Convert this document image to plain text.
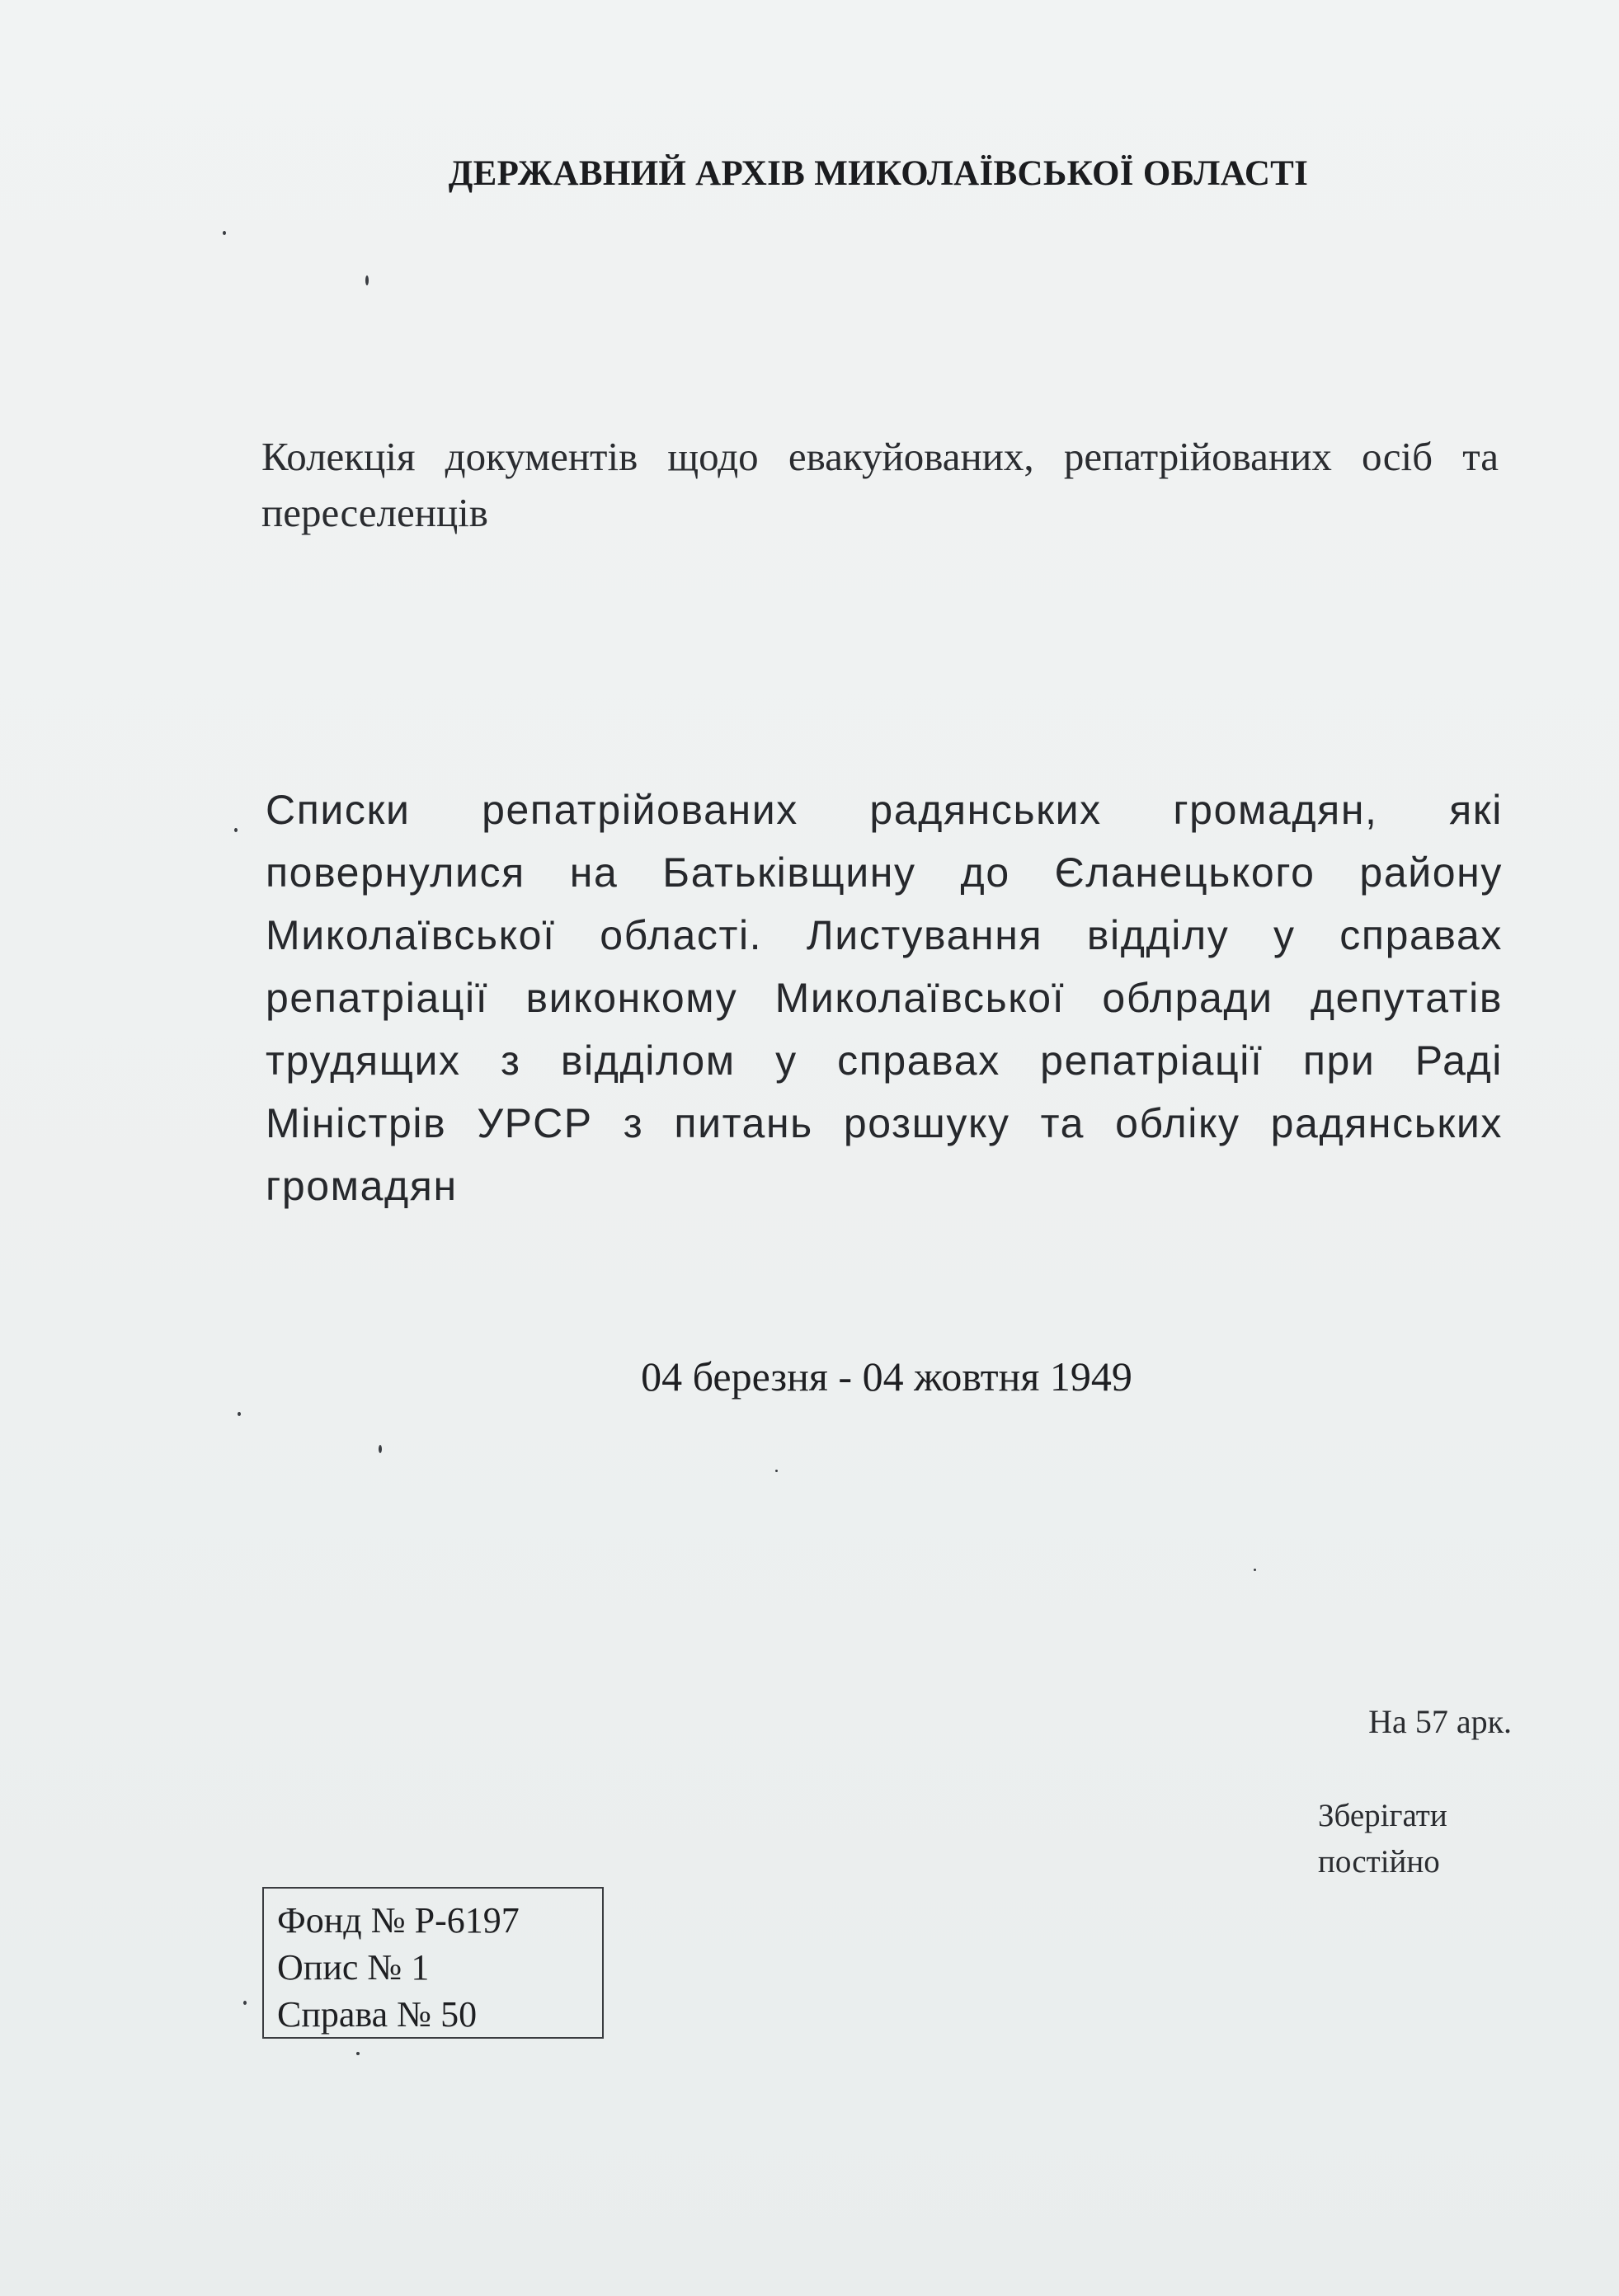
ДЕРЖАВНИЙ АРХІВ МИКОЛАЇВСЬКОЇ ОБЛАСТІ
Колекція документів щодо евакуйованих, репатрійованих осіб та переселенців
Списки репатрійованих радянських громадян, які повернулися на Батьківщину до Єланецького району Миколаївської області. Листування відділу у справах репатріації виконкому Миколаївської облради депутатів трудящих з відділом у справах репатріації при Раді Міністрів УРСР з питань розшуку та обліку радянських громадян
04 березня - 04 жовтня 1949
На 57 арк.
Зберігати
постійно
Фонд № Р-6197
Опис № 1
Справа № 50
